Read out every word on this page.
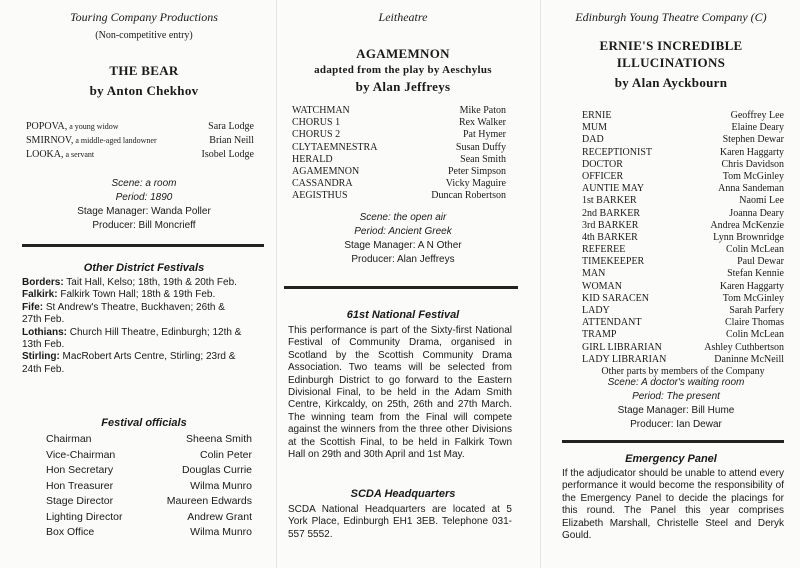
Touring Company Productions
(Non-competitive entry)
THE BEAR
by Anton Chekhov
POPOVA, a young widow	Sara Lodge
SMIRNOV, a middle-aged landowner	Brian Neill
LOOKA, a servant	Isobel Lodge
Scene: a room
Period: 1890
Stage Manager: Wanda Poller
Producer: Bill Moncrieff
Other District Festivals
Borders: Tait Hall, Kelso; 18th, 19th & 20th Feb.
Falkirk: Falkirk Town Hall; 18th & 19th Feb.
Fife: St Andrew's Theatre, Buckhaven; 26th & 27th Feb.
Lothians: Church Hill Theatre, Edinburgh; 12th & 13th Feb.
Stirling: MacRobert Arts Centre, Stirling; 23rd & 24th Feb.
Festival officials
Chairman	Sheena Smith
Vice-Chairman	Colin Peter
Hon Secretary	Douglas Currie
Hon Treasurer	Wilma Munro
Stage Director	Maureen Edwards
Lighting Director	Andrew Grant
Box Office	Wilma Munro
Leitheatre
AGAMEMNON
adapted from the play by Aeschylus
by Alan Jeffreys
WATCHMAN	Mike Paton
CHORUS 1	Rex Walker
CHORUS 2	Pat Hymer
CLYTAEMNESTRA	Susan Duffy
HERALD	Sean Smith
AGAMEMNON	Peter Simpson
CASSANDRA	Vicky Maguire
AEGISTHUS	Duncan Robertson
Scene: the open air
Period: Ancient Greek
Stage Manager: A N Other
Producer: Alan Jeffreys
61st National Festival
This performance is part of the Sixty-first National Festival of Community Drama, organised in Scotland by the Scottish Community Drama Association. Two teams will be selected from Edinburgh District to go forward to the Eastern Divisional Final, to be held in the Adam Smith Centre, Kirkcaldy, on 25th, 26th and 27th March. The winning team from the Final will compete against the winners from the three other Divisions at the Scottish Final, to be held in Falkirk Town Hall on 29th and 30th April and 1st May.
SCDA Headquarters
SCDA National Headquarters are located at 5 York Place, Edinburgh EH1 3EB. Telephone 031-557 5552.
Edinburgh Young Theatre Company (C)
ERNIE'S INCREDIBLE
ILLUCINATIONS
by Alan Ayckbourn
ERNIE	Geoffrey Lee
MUM	Elaine Deary
DAD	Stephen Dewar
RECEPTIONIST	Karen Haggarty
DOCTOR	Chris Davidson
OFFICER	Tom McGinley
AUNTIE MAY	Anna Sandeman
1st BARKER	Naomi Lee
2nd BARKER	Joanna Deary
3rd BARKER	Andrea McKenzie
4th BARKER	Lynn Brownridge
REFEREE	Colin McLean
TIMEKEEPER	Paul Dewar
MAN	Stefan Kennie
WOMAN	Karen Haggarty
KID SARACEN	Tom McGinley
LADY	Sarah Parfery
ATTENDANT	Claire Thomas
TRAMP	Colin McLean
GIRL LIBRARIAN	Ashley Cuthbertson
LADY LIBRARIAN	Daninne McNeill
Other parts by members of the Company
Scene: A doctor's waiting room
Period: The present
Stage Manager: Bill Hume
Producer: Ian Dewar
Emergency Panel
If the adjudicator should be unable to attend every performance it would become the responsibility of the Emergency Panel to decide the placings for this round. The Panel this year comprises Elizabeth Marshall, Christelle Steel and Deryk Gould.
